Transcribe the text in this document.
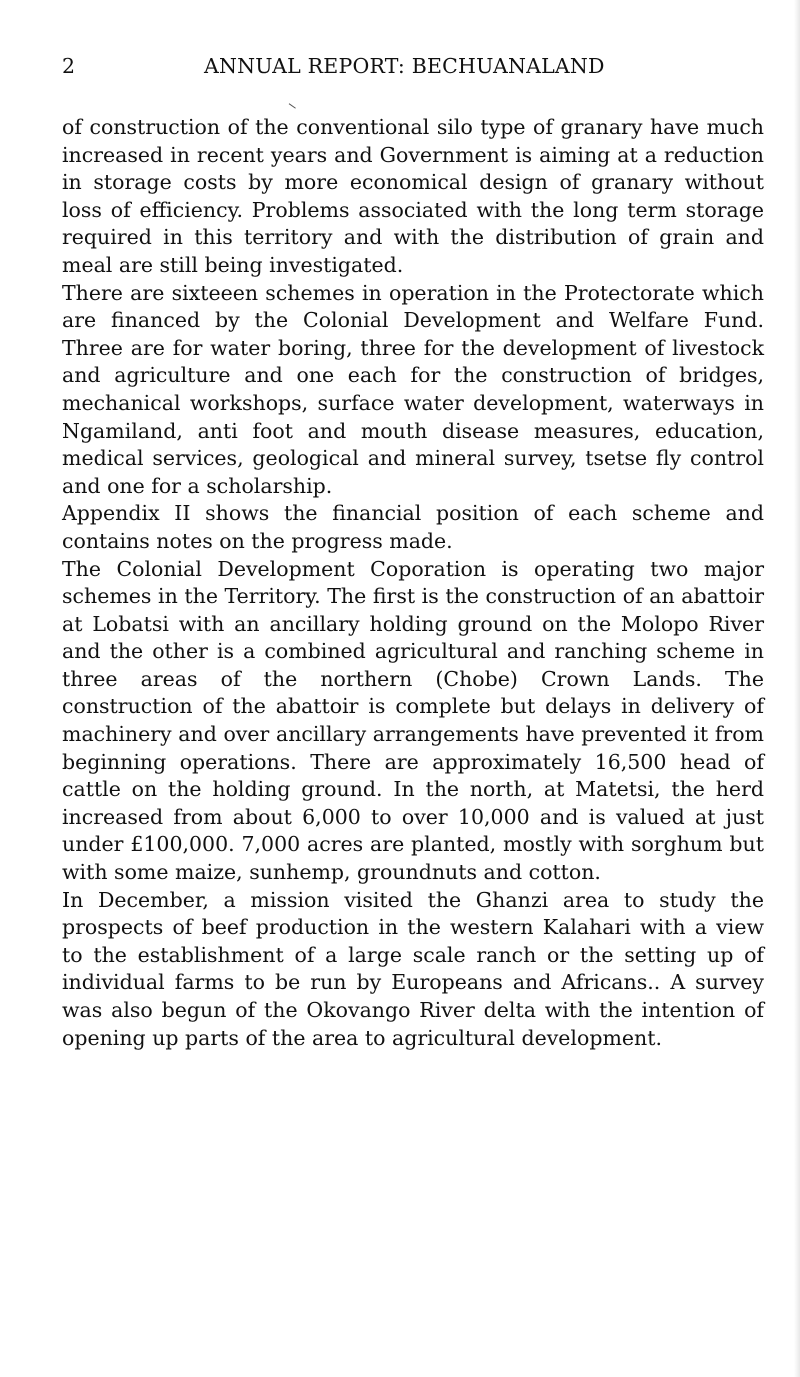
2	ANNUAL REPORT: BECHUANALAND

of construction of the conventional silo type of granary have much increased in recent years and Government is aiming at a reduction in storage costs by more economical design of granary without loss of efficiency. Problems associated with the long term storage required in this territory and with the distribution of grain and meal are still being investigated.

There are sixteeen schemes in operation in the Protectorate which are financed by the Colonial Development and Welfare Fund. Three are for water boring, three for the development of livestock and agriculture and one each for the construction of bridges, mechanical workshops, surface water development, waterways in Ngamiland, anti foot and mouth disease measures, education, medical services, geological and mineral survey, tsetse fly control and one for a scholarship.

Appendix II shows the financial position of each scheme and contains notes on the progress made.

The Colonial Development Coporation is operating two major schemes in the Territory. The first is the construction of an abattoir at Lobatsi with an ancillary holding ground on the Molopo River and the other is a combined agricultural and ranching scheme in three areas of the northern (Chobe) Crown Lands. The construction of the abattoir is complete but delays in delivery of machinery and over ancillary arrangements have prevented it from beginning operations. There are approximately 16,500 head of cattle on the holding ground. In the north, at Matetsi, the herd increased from about 6,000 to over 10,000 and is valued at just under £100,000. 7,000 acres are planted, mostly with sorghum but with some maize, sunhemp, groundnuts and cotton.

In December, a mission visited the Ghanzi area to study the prospects of beef production in the western Kalahari with a view to the establishment of a large scale ranch or the setting up of individual farms to be run by Europeans and Africans.. A survey was also begun of the Okovango River delta with the intention of opening up parts of the area to agricultural development.
